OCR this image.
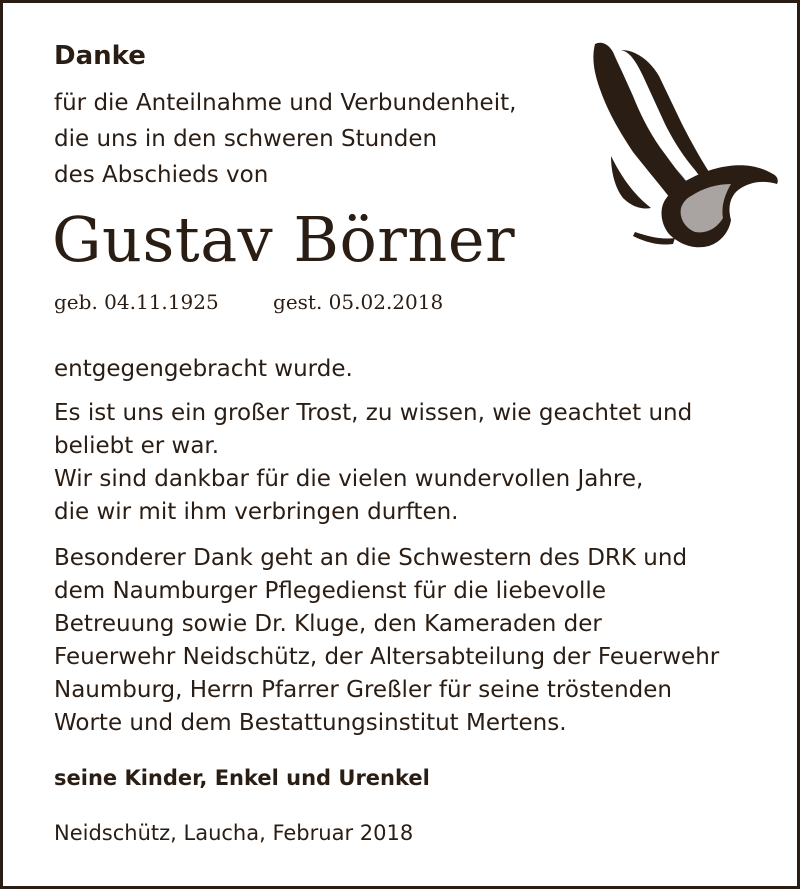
Danke
für die Anteilnahme und Verbundenheit,
die uns in den schweren Stunden
des Abschieds von
Gustav Börner
geb. 04.11.1925	gest. 05.02.2018
entgegengebracht wurde.
Es ist uns ein großer Trost, zu wissen, wie geachtet und
beliebt er war.
Wir sind dankbar für die vielen wundervollen Jahre,
die wir mit ihm verbringen durften.
Besonderer Dank geht an die Schwestern des DRK und
dem Naumburger Pflegedienst für die liebevolle
Betreuung sowie Dr. Kluge, den Kameraden der
Feuerwehr Neidschütz, der Altersabteilung der Feuerwehr
Naumburg, Herrn Pfarrer Greßler für seine tröstenden
Worte und dem Bestattungsinstitut Mertens.
seine Kinder, Enkel und Urenkel
Neidschütz, Laucha, Februar 2018
